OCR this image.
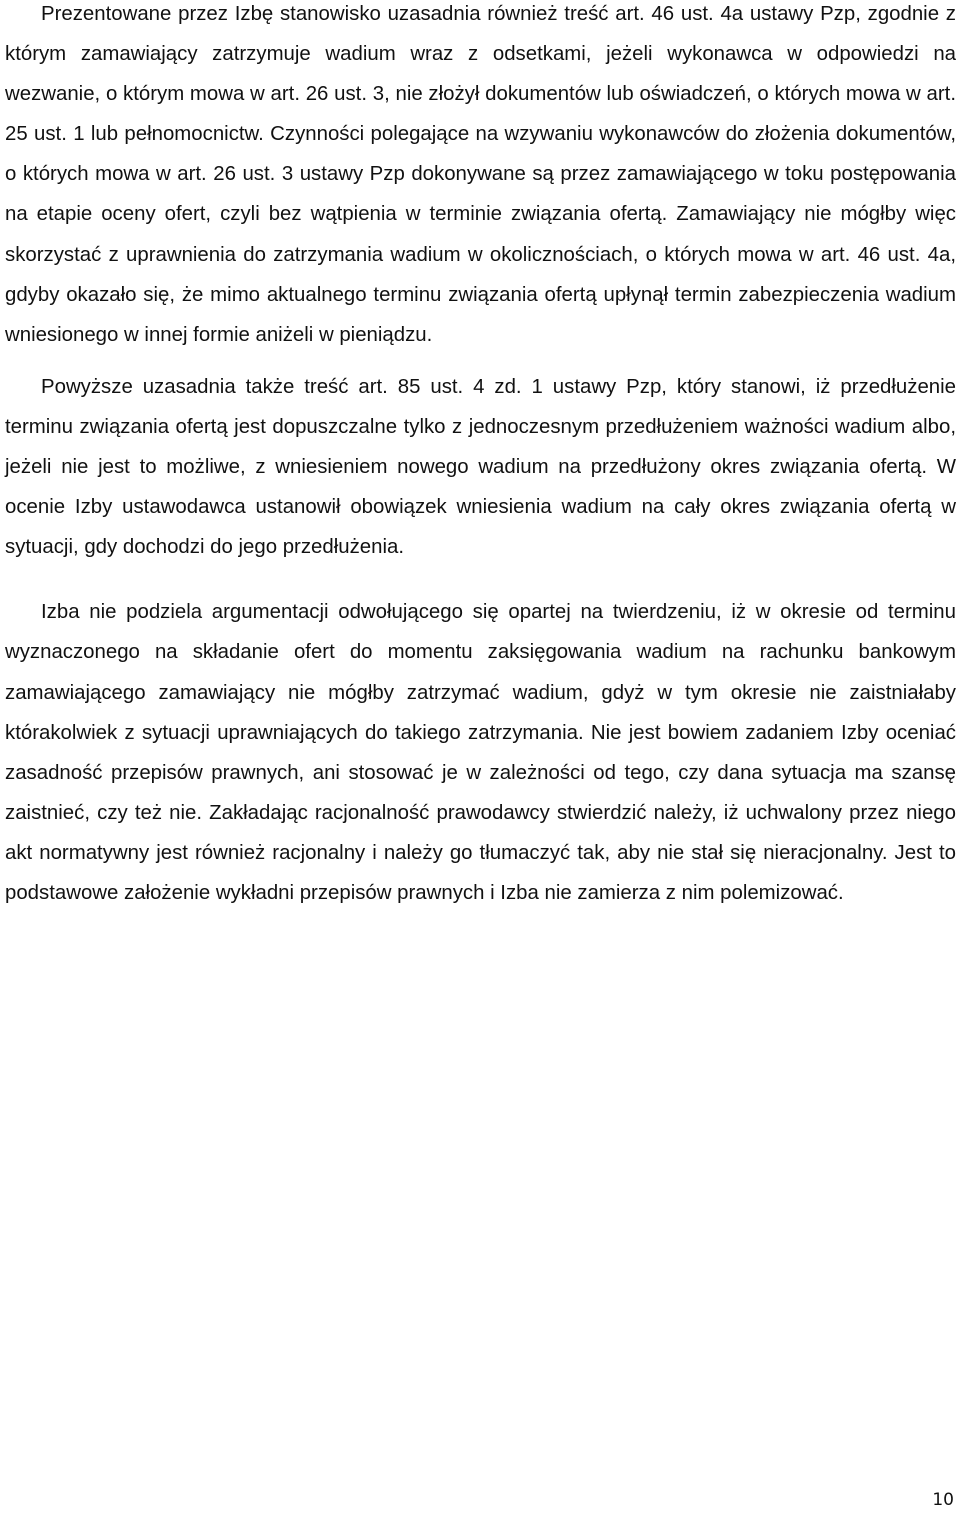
Prezentowane przez Izbę stanowisko uzasadnia również treść art. 46 ust. 4a ustawy Pzp, zgodnie z którym zamawiający zatrzymuje wadium wraz z odsetkami, jeżeli wykonawca w odpowiedzi na wezwanie, o którym mowa w art. 26 ust. 3, nie złożył dokumentów lub oświadczeń, o których mowa w art. 25 ust. 1 lub pełnomocnictw. Czynności polegające na wzywaniu wykonawców do złożenia dokumentów, o których mowa w art. 26 ust. 3 ustawy Pzp dokonywane są przez zamawiającego w toku postępowania na etapie oceny ofert, czyli bez wątpienia w terminie związania ofertą. Zamawiający nie mógłby więc skorzystać z uprawnienia do zatrzymania wadium w okolicznościach, o których mowa w art. 46 ust. 4a, gdyby okazało się, że mimo aktualnego terminu związania ofertą upłynął termin zabezpieczenia wadium wniesionego w innej formie aniżeli w pieniądzu.

Powyższe uzasadnia także treść art. 85 ust. 4 zd. 1 ustawy Pzp, który stanowi, iż przedłużenie terminu związania ofertą jest dopuszczalne tylko z jednoczesnym przedłużeniem ważności wadium albo, jeżeli nie jest to możliwe, z wniesieniem nowego wadium na przedłużony okres związania ofertą. W ocenie Izby ustawodawca ustanowił obowiązek wniesienia wadium na cały okres związania ofertą w sytuacji, gdy dochodzi do jego przedłużenia.

Izba nie podziela argumentacji odwołującego się opartej na twierdzeniu, iż w okresie od terminu wyznaczonego na składanie ofert do momentu zaksięgowania wadium na rachunku bankowym zamawiającego zamawiający nie mógłby zatrzymać wadium, gdyż w tym okresie nie zaistniałaby którakolwiek z sytuacji uprawniających do takiego zatrzymania. Nie jest bowiem zadaniem Izby oceniać zasadność przepisów prawnych, ani stosować je w zależności od tego, czy dana sytuacja ma szansę zaistnieć, czy też nie. Zakładając racjonalność prawodawcy stwierdzić należy, iż uchwalony przez niego akt normatywny jest również racjonalny i należy go tłumaczyć tak, aby nie stał się nieracjonalny. Jest to podstawowe założenie wykładni przepisów prawnych i Izba nie zamierza z nim polemizować.

10
